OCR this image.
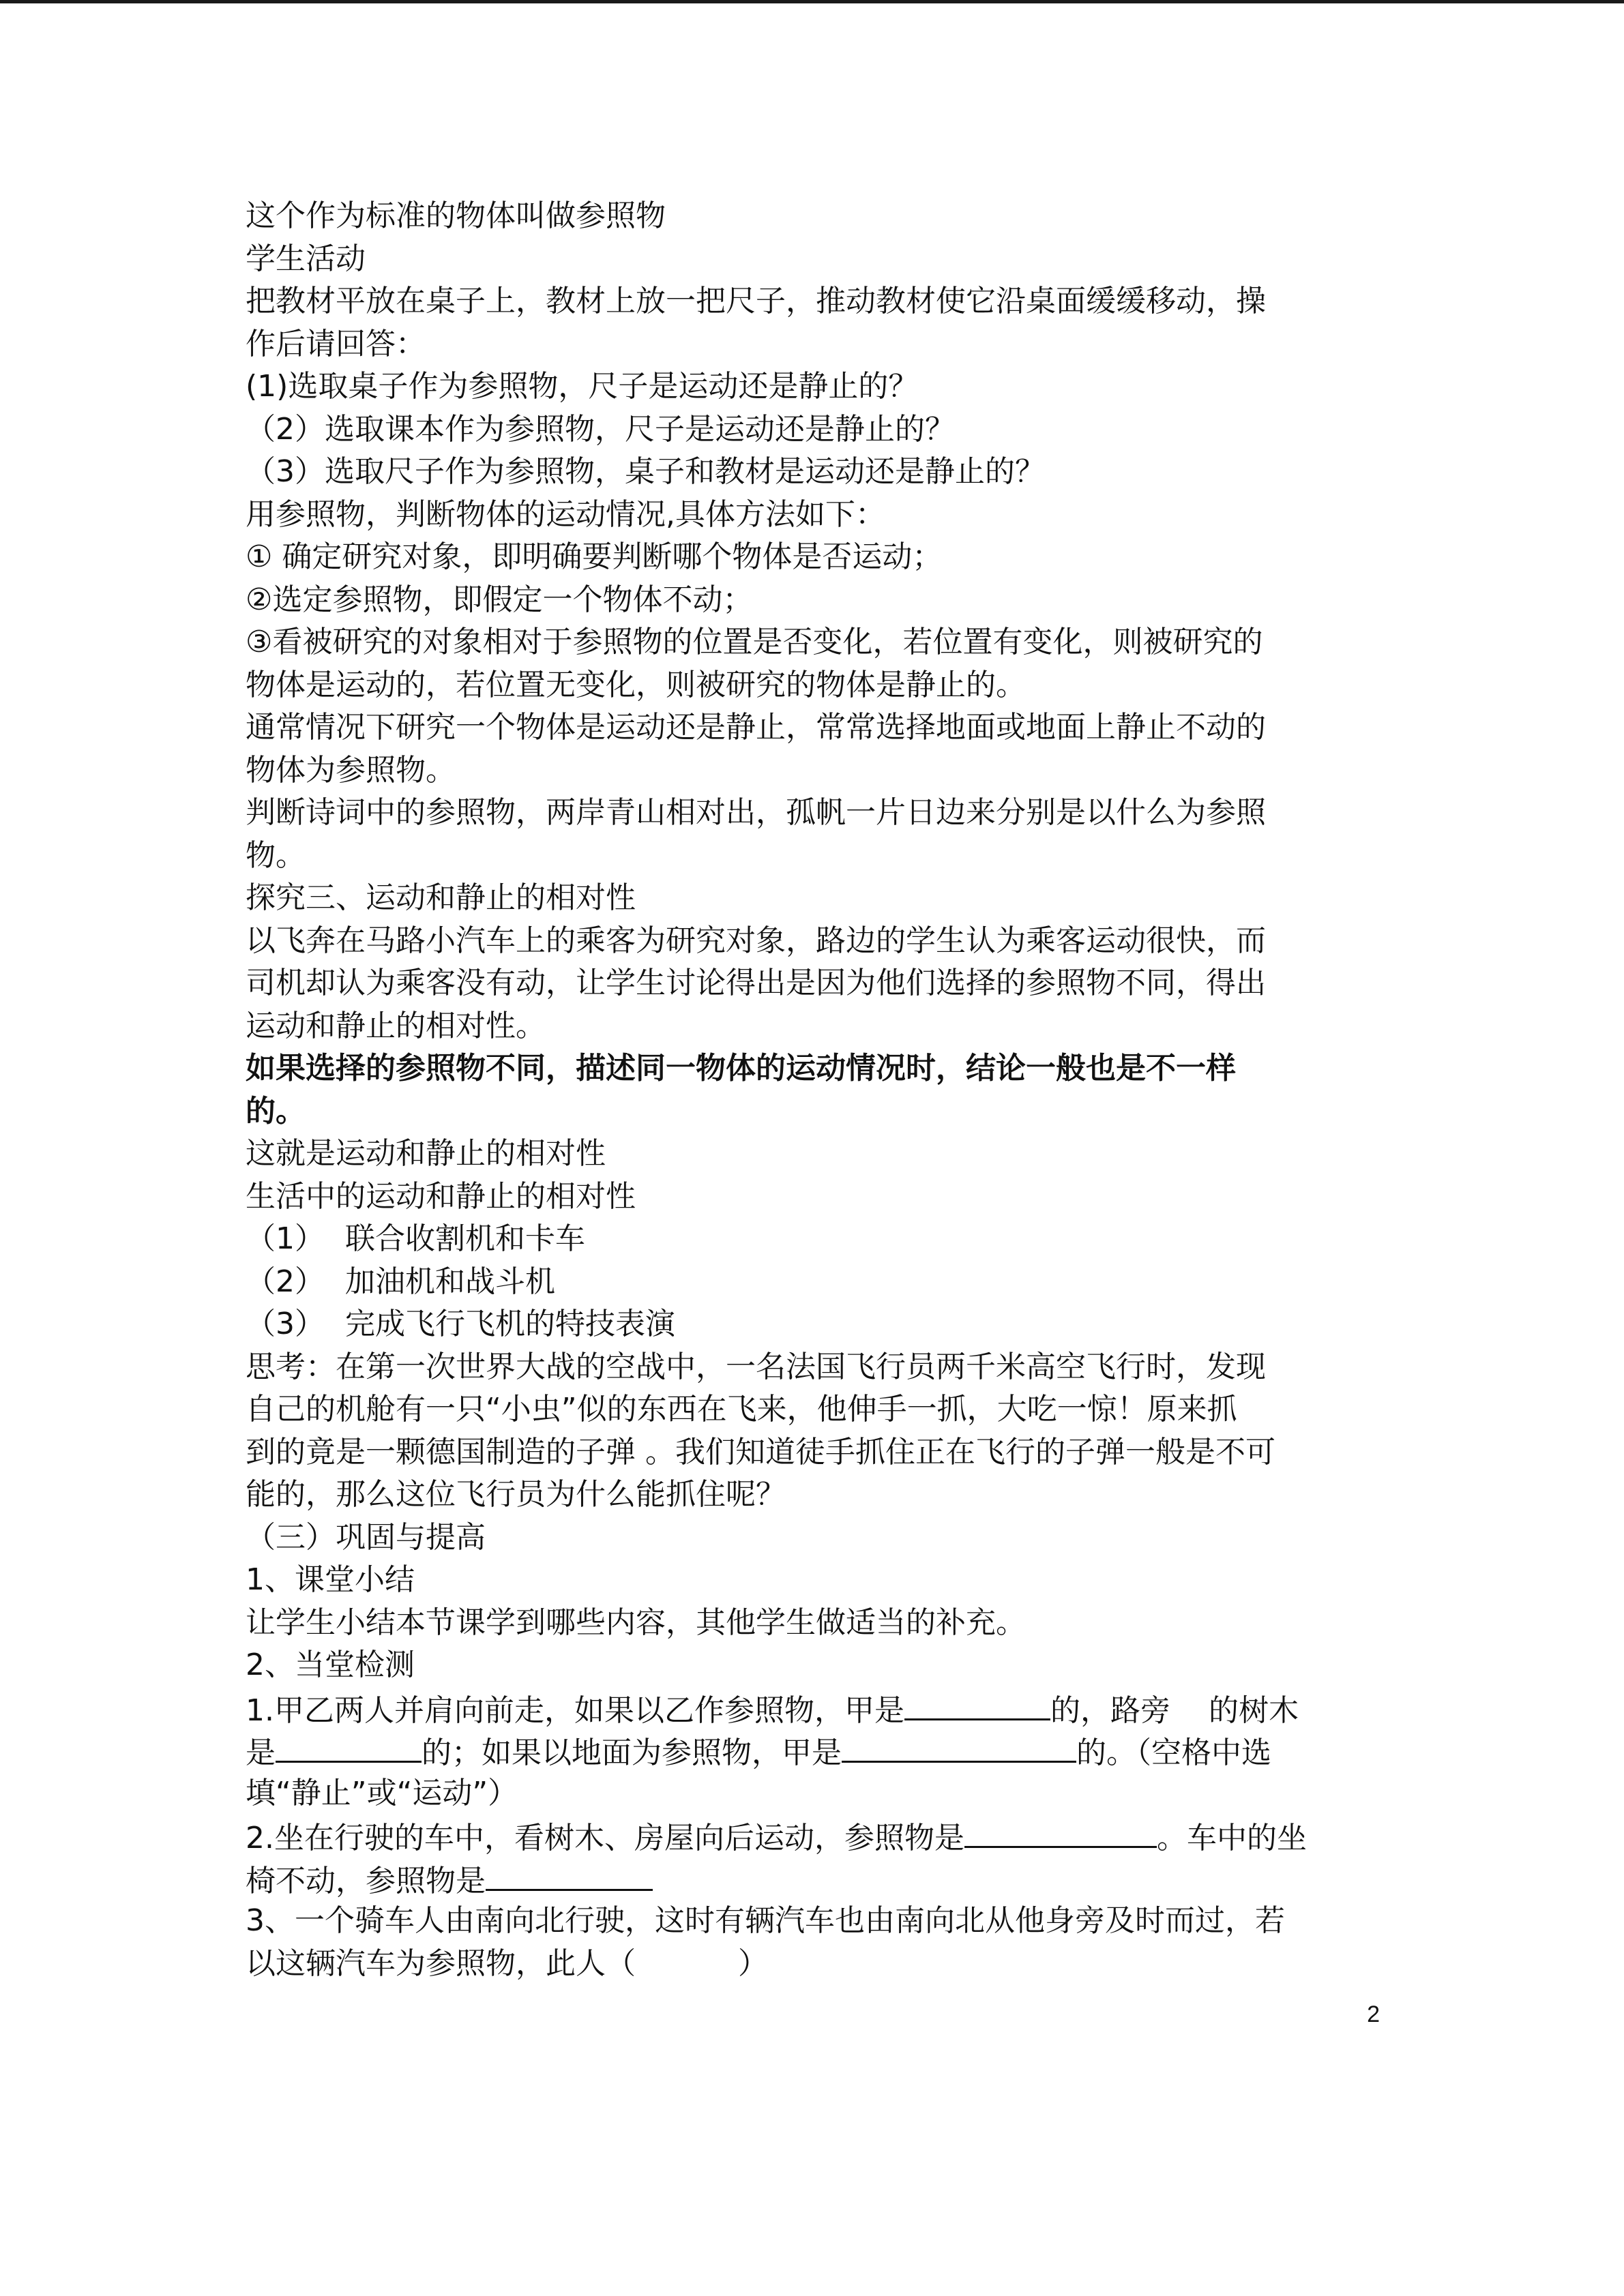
这个作为标准的物体叫做参照物
学生活动
把教材平放在桌子上，教材上放一把尺子，推动教材使它沿桌面缓缓移动，操
作后请回答：
(1)选取桌子作为参照物，尺子是运动还是静止的？
（2）选取课本作为参照物，尺子是运动还是静止的？
（3）选取尺子作为参照物，桌子和教材是运动还是静止的？
用参照物，判断物体的运动情况,具体方法如下：
① 确定研究对象，即明确要判断哪个物体是否运动；
②选定参照物，即假定一个物体不动；
③看被研究的对象相对于参照物的位置是否变化，若位置有变化，则被研究的
物体是运动的，若位置无变化，则被研究的物体是静止的。
通常情况下研究一个物体是运动还是静止，常常选择地面或地面上静止不动的
物体为参照物。
判断诗词中的参照物，两岸青山相对出，孤帆一片日边来分别是以什么为参照
物。
探究三、运动和静止的相对性
以飞奔在马路小汽车上的乘客为研究对象，路边的学生认为乘客运动很快，而
司机却认为乘客没有动，让学生讨论得出是因为他们选择的参照物不同，得出
运动和静止的相对性。
如果选择的参照物不同，描述同一物体的运动情况时，结论一般也是不一样
的。
这就是运动和静止的相对性
生活中的运动和静止的相对性
（1） 联合收割机和卡车
（2） 加油机和战斗机
（3） 完成飞行飞机的特技表演
思考：在第一次世界大战的空战中，一名法国飞行员两千米高空飞行时，发现
自己的机舱有一只“小虫”似的东西在飞来，他伸手一抓，大吃一惊！原来抓
到的竟是一颗德国制造的子弹 。我们知道徒手抓住正在飞行的子弹一般是不可
能的，那么这位飞行员为什么能抓住呢？
（三）巩固与提高
1、课堂小结
让学生小结本节课学到哪些内容，其他学生做适当的补充。
2、当堂检测
1.甲乙两人并肩向前走，如果以乙作参照物，甲是	的，路旁 的树木
是	的；如果以地面为参照物，甲是	的。（空格中选
填“静止”或“运动”）
2.坐在行驶的车中，看树木、房屋向后运动，参照物是	。车中的坐
椅不动，参照物是
3、一个骑车人由南向北行驶，这时有辆汽车也由南向北从他身旁及时而过，若
以这辆汽车为参照物，此人（	）
2
